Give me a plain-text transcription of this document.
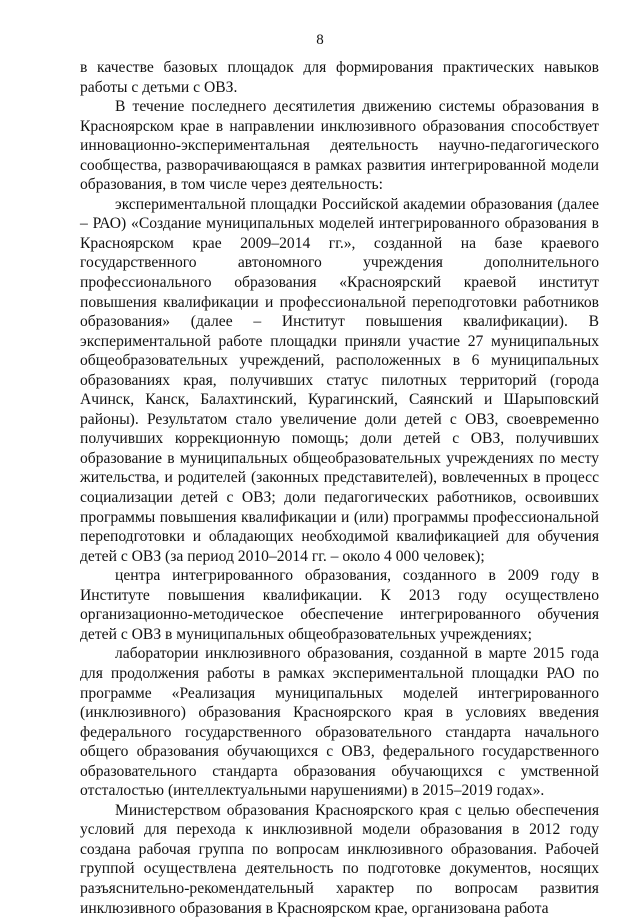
8

в качестве базовых площадок для формирования практических навыков работы с детьми с ОВЗ.

В течение последнего десятилетия движению системы образования в Красноярском крае в направлении инклюзивного образования способствует инновационно-экспериментальная деятельность научно-педагогического сообщества, разворачивающаяся в рамках развития интегрированной модели образования, в том числе через деятельность:

экспериментальной площадки Российской академии образования (далее – РАО) «Создание муниципальных моделей интегрированного образования в Красноярском крае 2009–2014 гг.», созданной на базе краевого государственного автономного учреждения дополнительного профессионального образования «Красноярский краевой институт повышения квалификации и профессиональной переподготовки работников образования» (далее – Институт повышения квалификации). В экспериментальной работе площадки приняли участие 27 муниципальных общеобразовательных учреждений, расположенных в 6 муниципальных образованиях края, получивших статус пилотных территорий (города Ачинск, Канск, Балахтинский, Курагинский, Саянский и Шарыповский районы). Результатом стало увеличение доли детей с ОВЗ, своевременно получивших коррекционную помощь; доли детей с ОВЗ, получивших образование в муниципальных общеобразовательных учреждениях по месту жительства, и родителей (законных представителей), вовлеченных в процесс социализации детей с ОВЗ; доли педагогических работников, освоивших программы повышения квалификации и (или) программы профессиональной переподготовки и обладающих необходимой квалификацией для обучения детей с ОВЗ (за период 2010–2014 гг. – около 4 000 человек);

центра интегрированного образования, созданного в 2009 году в Институте повышения квалификации. К 2013 году осуществлено организационно-методическое обеспечение интегрированного обучения детей с ОВЗ в муниципальных общеобразовательных учреждениях;

лаборатории инклюзивного образования, созданной в марте 2015 года для продолжения работы в рамках экспериментальной площадки РАО по программе «Реализация муниципальных моделей интегрированного (инклюзивного) образования Красноярского края в условиях введения федерального государственного образовательного стандарта начального общего образования обучающихся с ОВЗ, федерального государственного образовательного стандарта образования обучающихся с умственной отсталостью (интеллектуальными нарушениями) в 2015–2019 годах».

Министерством образования Красноярского края с целью обеспечения условий для перехода к инклюзивной модели образования в 2012 году создана рабочая группа по вопросам инклюзивного образования. Рабочей группой осуществлена деятельность по подготовке документов, носящих разъяснительно-рекомендательный характер по вопросам развития инклюзивного образования в Красноярском крае, организована работа
